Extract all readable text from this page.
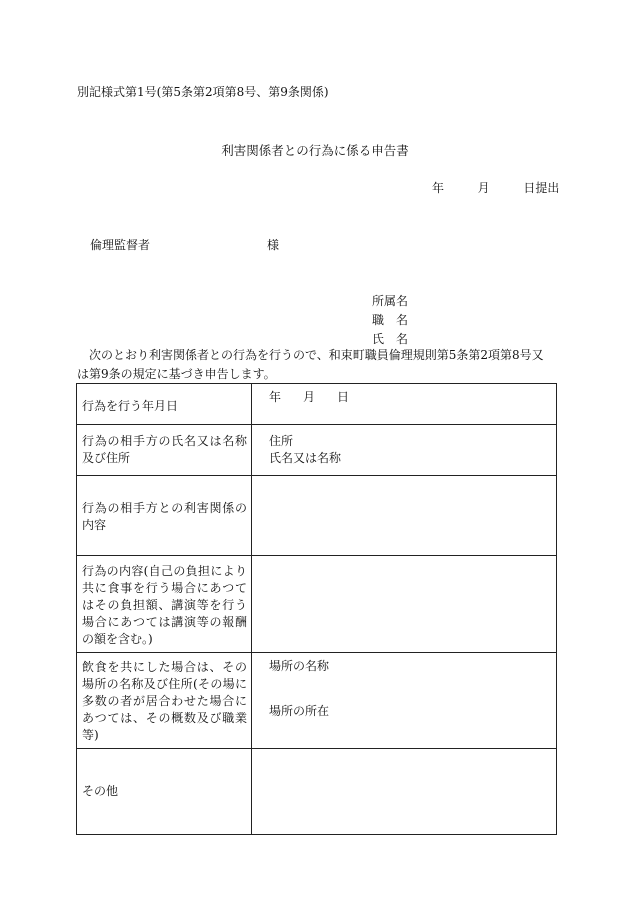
別記様式第1号(第5条第2項第8号、第9条関係)
利害関係者との行為に係る申告書
年	月	日提出
倫理監督者	様
所属名
職　名
氏　名
次のとおり利害関係者との行為を行うので、和束町職員倫理規則第5条第2項第8号又は第9条の規定に基づき申告します。
行為を行う年月日	年 月 日
行為の相手方の氏名又は名称及び住所	住所
氏名又は名称

行為の相手方との利害関係の内容	
行為の内容(自己の負担により共に食事を行う場合にあつてはその負担額、講演等を行う場合にあつては講演等の報酬の額を含む。)	
飲食を共にした場合は、その場所の名称及び住所(その場に多数の者が居合わせた場合にあつては、その概数及び職業等)	場所の名称
場所の所在

その他	
